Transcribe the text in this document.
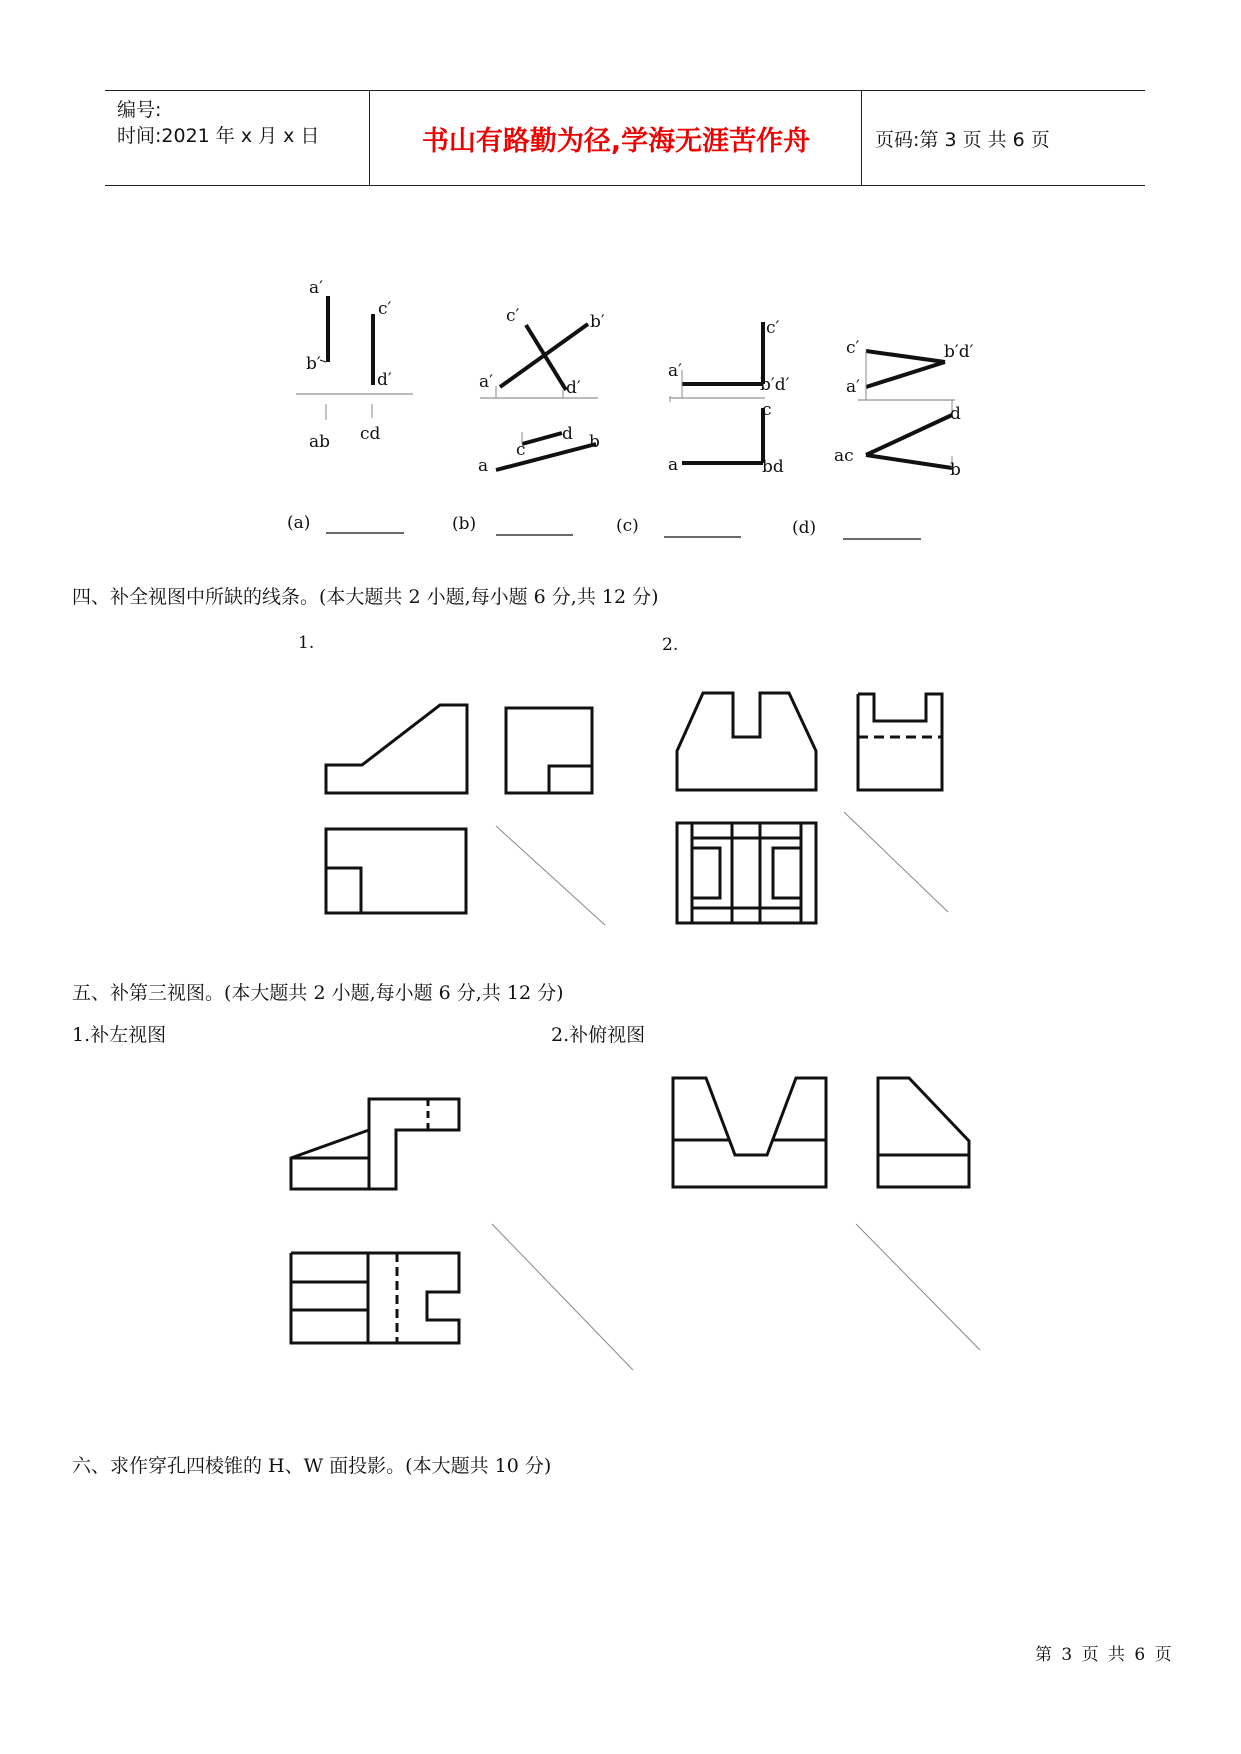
编号:
时间:2021 年 x 月 x 日	书山有路勤为径,学海无涯苦作舟	页码:第 3 页 共 6 页
a′
b′
c′
d′
ab cd
(a)
c′	b′
a′	d′
c
d
a
b
(b)
c′
a′
b′d′
c
a	bd
(c)
c′	b′d′
a′
d
ac
b
(d)
四、补全视图中所缺的线条。(本大题共 2 小题,每小题 6 分,共 12 分)
1.	2.
五、补第三视图。(本大题共 2 小题,每小题 6 分,共 12 分)
1.补左视图	2.补俯视图
六、求作穿孔四棱锥的 H、W 面投影。(本大题共 10 分)
第 3 页 共 6 页
